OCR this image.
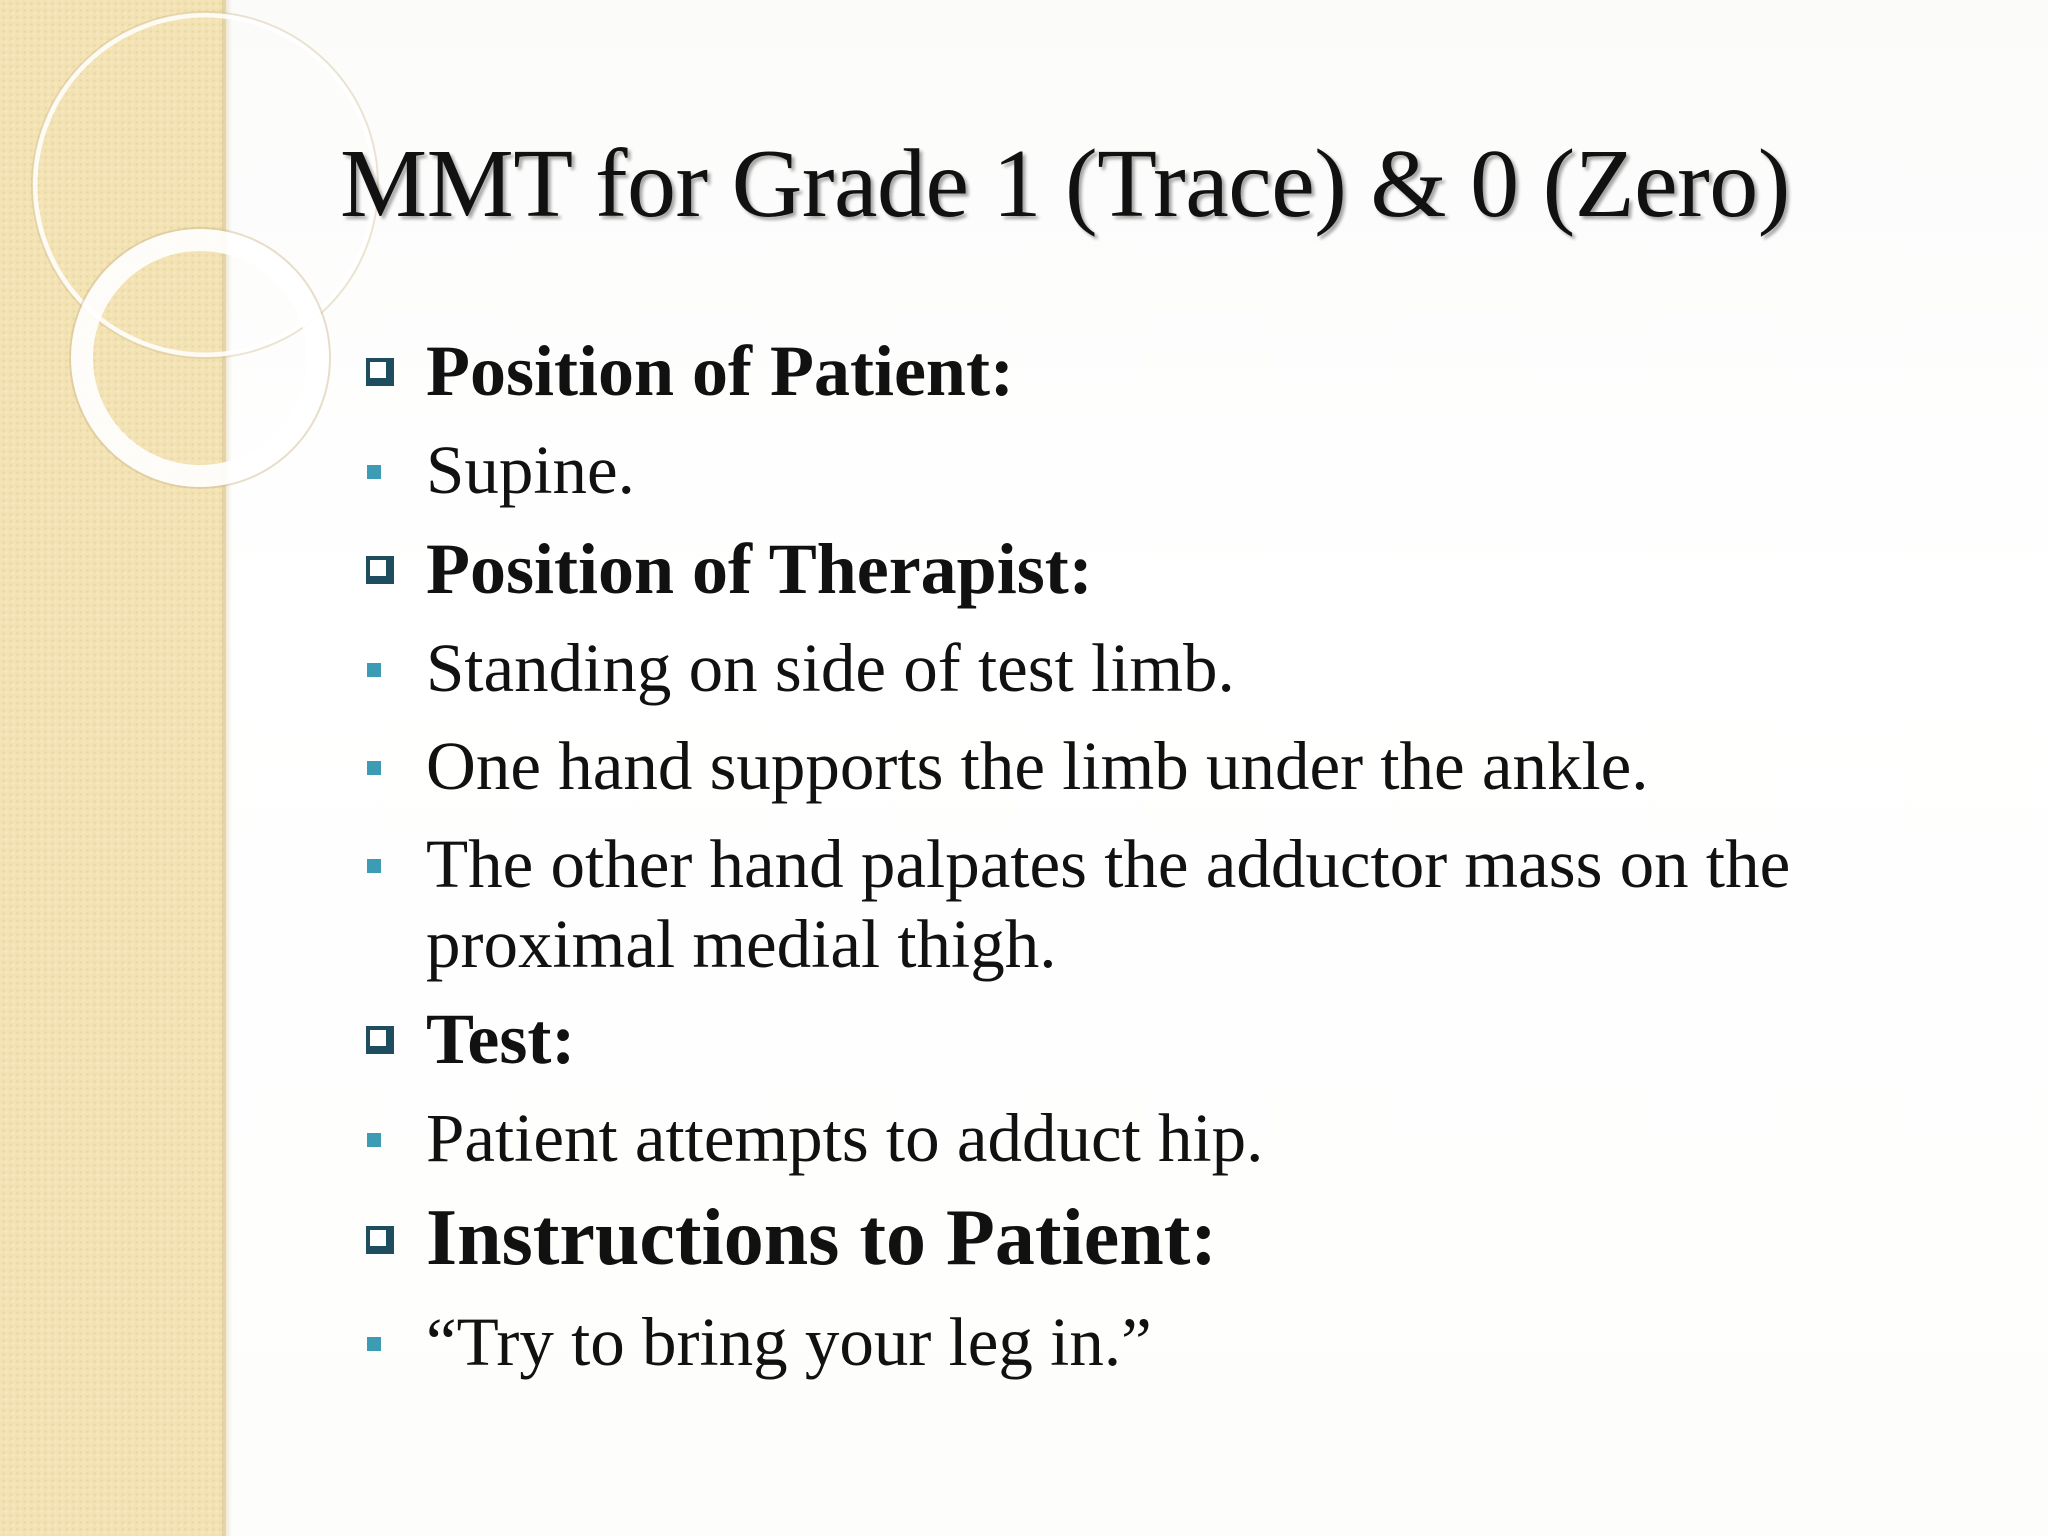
MMT for Grade 1 (Trace) & 0 (Zero)
Position of Patient:
Supine.
Position of Therapist:
Standing on side of test limb.
One hand supports the limb under the ankle.
The other hand palpates the adductor mass on the proximal medial thigh.
Test:
Patient attempts to adduct hip.
Instructions to Patient:
“Try to bring your leg in.”
